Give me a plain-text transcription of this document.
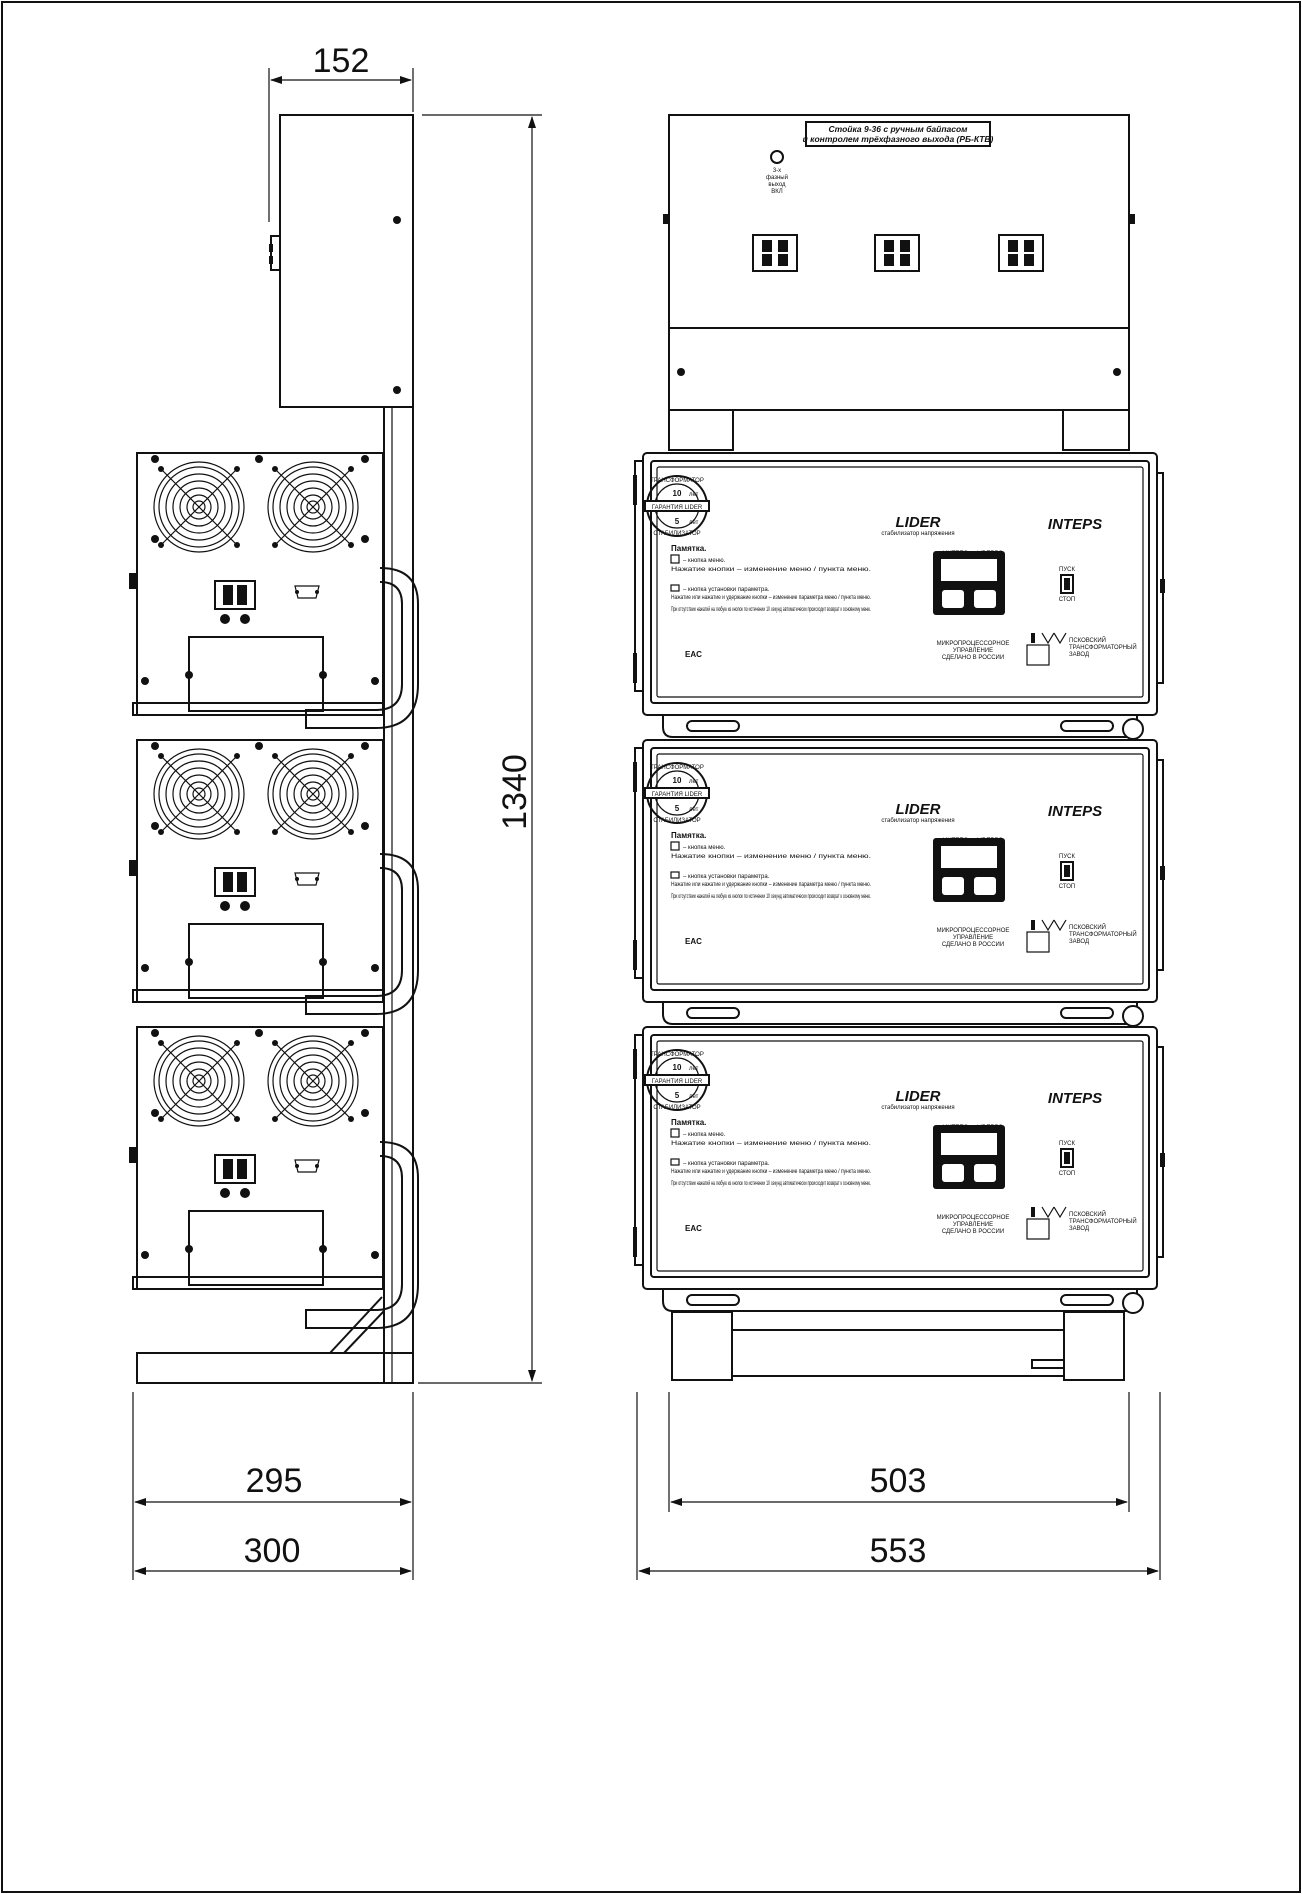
Стойка 9-36 с ручным байпасом
и контролем трёхфазного выхода (РБ-КТВ)
3-х
фазный
выход
ВКЛ
LIDER
стабилизатор напряжения
INTEPS
10 лет
ГАРАНТИЯ LIDER
5 лет
ТРАНСФОРМАТОР
СТАБИЛИЗАТОР
Памятка.
– кнопка меню.
Нажатие кнопки – изменение меню / пункта меню.
– кнопка установки параметра.
Нажатие или нажатие и удержание кнопки – изменение параметра меню / пункта меню.
При отсутствии нажатий на любую из кнопок по истечении 10 секунд автоматически происходит возврат к основному меню.
ИНТЕПС LIDERPS
ПУСК
СТОП
EAC
МИКРОПРОЦЕССОРНОЕ
УПРАВЛЕНИЕ
СДЕЛАНО В РОССИИ
ПСКОВСКИЙ
ТРАНСФОРМАТОРНЫЙ
ЗАВОД
LIDER
стабилизатор напряжения
INTEPS
10 лет
ГАРАНТИЯ LIDER
5 лет
ТРАНСФОРМАТОР
СТАБИЛИЗАТОР
Памятка.
– кнопка меню.
Нажатие кнопки – изменение меню / пункта меню.
– кнопка установки параметра.
Нажатие или нажатие и удержание кнопки – изменение параметра меню / пункта меню.
При отсутствии нажатий на любую из кнопок по истечении 10 секунд автоматически происходит возврат к основному меню.
ИНТЕПС LIDERPS
ПУСК
СТОП
EAC
МИКРОПРОЦЕССОРНОЕ
УПРАВЛЕНИЕ
СДЕЛАНО В РОССИИ
ПСКОВСКИЙ
ТРАНСФОРМАТОРНЫЙ
ЗАВОД
LIDER
стабилизатор напряжения
INTEPS
10 лет
ГАРАНТИЯ LIDER
5 лет
ТРАНСФОРМАТОР
СТАБИЛИЗАТОР
Памятка.
– кнопка меню.
Нажатие кнопки – изменение меню / пункта меню.
– кнопка установки параметра.
Нажатие или нажатие и удержание кнопки – изменение параметра меню / пункта меню.
При отсутствии нажатий на любую из кнопок по истечении 10 секунд автоматически происходит возврат к основному меню.
ИНТЕПС LIDERPS
ПУСК
СТОП
EAC
МИКРОПРОЦЕССОРНОЕ
УПРАВЛЕНИЕ
СДЕЛАНО В РОССИИ
ПСКОВСКИЙ
ТРАНСФОРМАТОРНЫЙ
ЗАВОД
152
1340
295
300
503
553
